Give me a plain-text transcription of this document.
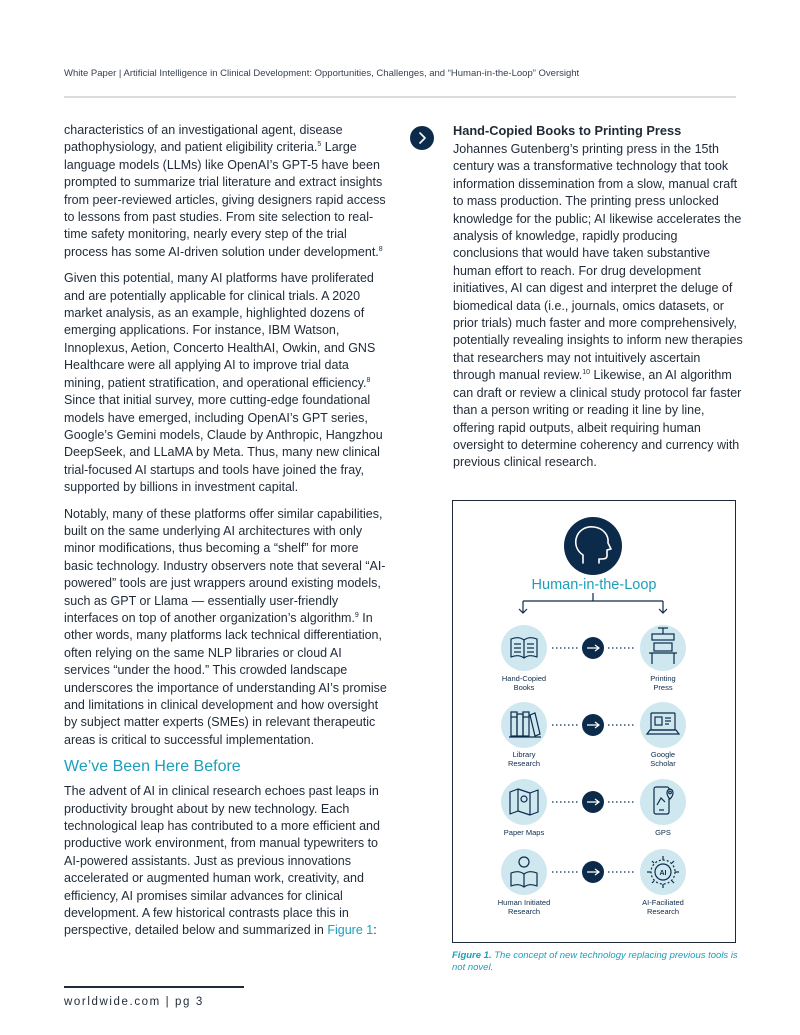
White Paper | Artificial Intelligence in Clinical Development: Opportunities, Challenges, and “Human-in-the-Loop” Oversight

characteristics of an investigational agent, disease pathophysiology, and patient eligibility criteria.$^5$ Large language models (LLMs) like OpenAI’s GPT-5 have been prompted to summarize trial literature and extract insights from peer-reviewed articles, giving designers rapid access to lessons from past studies. From site selection to real-time safety monitoring, nearly every step of the trial process has some AI-driven solution under development.$^8$

Given this potential, many AI platforms have proliferated and are potentially applicable for clinical trials. A 2020 market analysis, as an example, highlighted dozens of emerging applications. For instance, IBM Watson, Innoplexus, Aetion, Concerto HealthAI, Owkin, and GNS Healthcare were all applying AI to improve trial data mining, patient stratification, and operational efficiency.$^8$ Since that initial survey, more cutting-edge foundational models have emerged, including OpenAI’s GPT series, Google’s Gemini models, Claude by Anthropic, Hangzhou DeepSeek, and LLaMA by Meta. Thus, many new clinical trial-focused AI startups and tools have joined the fray, supported by billions in investment capital.

Notably, many of these platforms offer similar capabilities, built on the same underlying AI architectures with only minor modifications, thus becoming a “shelf” for more basic technology. Industry observers note that several “AI-powered” tools are just wrappers around existing models, such as GPT or Llama — essentially user-friendly interfaces on top of another organization’s algorithm.$^9$ In other words, many platforms lack technical differentiation, often relying on the same NLP libraries or cloud AI services “under the hood.” This crowded landscape underscores the importance of understanding AI’s promise and limitations in clinical development and how oversight by subject matter experts (SMEs) in relevant therapeutic areas is critical to successful implementation.

We’ve Been Here Before

The advent of AI in clinical research echoes past leaps in productivity brought about by new technology. Each technological leap has contributed to a more efficient and productive work environment, from manual typewriters to AI-powered assistants. Just as previous innovations accelerated or augmented human work, creativity, and efficiency, AI promises similar advances for clinical development. A few historical contrasts place this in perspective, detailed below and summarized in Figure 1:

Hand-Copied Books to Printing Press

Johannes Gutenberg’s printing press in the 15th century was a transformative technology that took information dissemination from a slow, manual craft to mass production. The printing press unlocked knowledge for the public; AI likewise accelerates the analysis of knowledge, rapidly producing conclusions that would have taken substantive human effort to reach. For drug development initiatives, AI can digest and interpret the deluge of biomedical data (i.e., journals, omics datasets, or prior trials) much faster and more comprehensively, potentially revealing insights to inform new therapies that researchers may not intuitively ascertain through manual review.$^{10}$ Likewise, an AI algorithm can draft or review a clinical study protocol far faster than a person writing or reading it line by line, offering rapid outputs, albeit requiring human oversight to determine coherency and currency with previous clinical research.

Human-in-the-Loop
Hand-Copied
Books
Printing
Press
Library
Research
Google
Scholar
Paper Maps	GPS
AI
Human Initiated
Research
AI-Faciliated
Research
Figure 1. The concept of new technology replacing previous tools is not novel.
worldwide.com | pg 3
